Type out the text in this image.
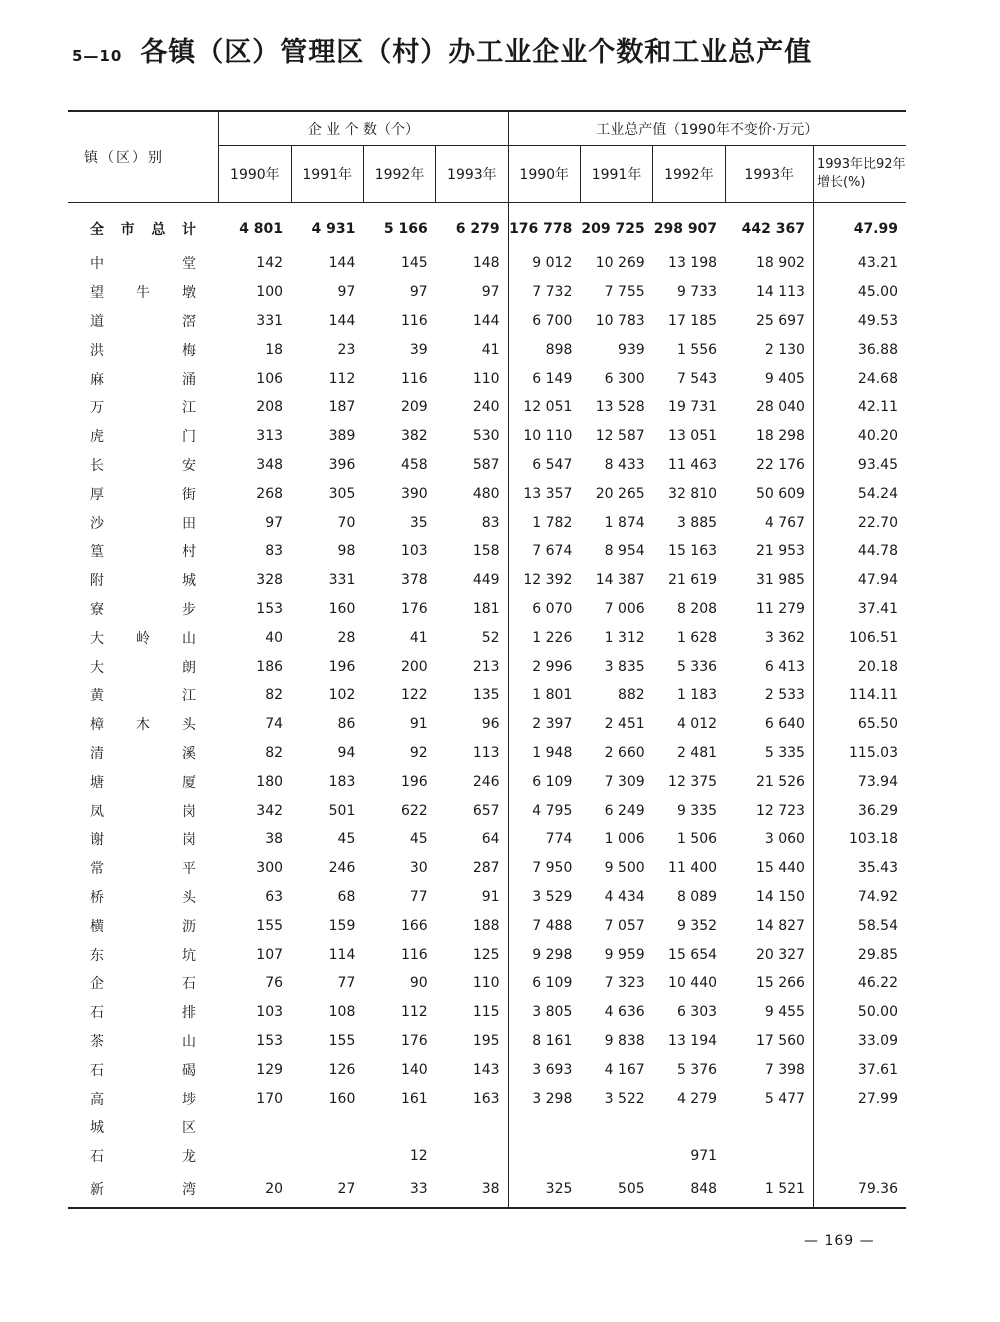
5—10 各镇（区）管理区（村）办工业企业个数和工业总产值
镇（区）别	企 业 个 数（个）				工业总产值（1990年不变价·万元）				
	1990年	1991年	1992年	1993年	1990年	1991年	1992年	1993年	1993年比92年增长(%)

全 市 总 计	4 801	4 931	5 166	6 279	176 778	209 725	298 907	442 367	47.99

中 堂	142	144	145	148	9 012	10 269	13 198	18 902	43.21

望 牛 墩	100	97	97	97	7 732	7 755	9 733	14 113	45.00

道 滘	331	144	116	144	6 700	10 783	17 185	25 697	49.53

洪 梅	18	23	39	41	898	939	1 556	2 130	36.88

麻 涌	106	112	116	110	6 149	6 300	7 543	9 405	24.68

万 江	208	187	209	240	12 051	13 528	19 731	28 040	42.11

虎 门	313	389	382	530	10 110	12 587	13 051	18 298	40.20

长 安	348	396	458	587	6 547	8 433	11 463	22 176	93.45

厚 街	268	305	390	480	13 357	20 265	32 810	50 609	54.24

沙 田	97	70	35	83	1 782	1 874	3 885	4 767	22.70

篁 村	83	98	103	158	7 674	8 954	15 163	21 953	44.78

附 城	328	331	378	449	12 392	14 387	21 619	31 985	47.94

寮 步	153	160	176	181	6 070	7 006	8 208	11 279	37.41

大 岭 山	40	28	41	52	1 226	1 312	1 628	3 362	106.51

大 朗	186	196	200	213	2 996	3 835	5 336	6 413	20.18

黄 江	82	102	122	135	1 801	882	1 183	2 533	114.11

樟 木 头	74	86	91	96	2 397	2 451	4 012	6 640	65.50

清 溪	82	94	92	113	1 948	2 660	2 481	5 335	115.03

塘 厦	180	183	196	246	6 109	7 309	12 375	21 526	73.94

凤 岗	342	501	622	657	4 795	6 249	9 335	12 723	36.29

谢 岗	38	45	45	64	774	1 006	1 506	3 060	103.18

常 平	300	246	30	287	7 950	9 500	11 400	15 440	35.43

桥 头	63	68	77	91	3 529	4 434	8 089	14 150	74.92

横 沥	155	159	166	188	7 488	7 057	9 352	14 827	58.54

东 坑	107	114	116	125	9 298	9 959	15 654	20 327	29.85

企 石	76	77	90	110	6 109	7 323	10 440	15 266	46.22

石 排	103	108	112	115	3 805	4 636	6 303	9 455	50.00

茶 山	153	155	176	195	8 161	9 838	13 194	17 560	33.09

石 碣	129	126	140	143	3 693	4 167	5 376	7 398	37.61

高 埗	170	160	161	163	3 298	3 522	4 279	5 477	27.99

城 区									

石 龙			12				971		

新 湾	20	27	33	38	325	505	848	1 521	79.36
— 169 —
